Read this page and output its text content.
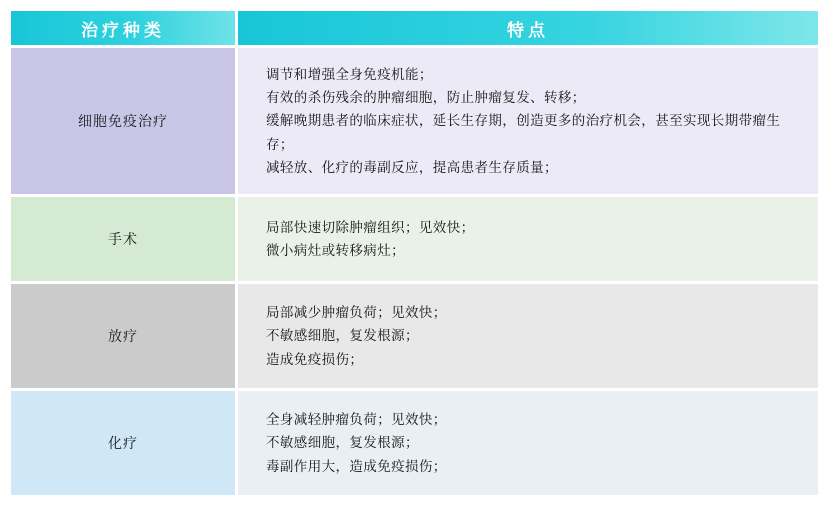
治疗种类	特点
细胞免疫治疗	调节和增强全身免疫机能；
有效的杀伤残余的肿瘤细胞，防止肿瘤复发、转移；
缓解晚期患者的临床症状，延长生存期，创造更多的治疗机会，甚至实现长期带瘤生存；
减轻放、化疗的毒副反应，提高患者生存质量；

手术	局部快速切除肿瘤组织；见效快；
微小病灶或转移病灶；

放疗	局部减少肿瘤负荷；见效快；
不敏感细胞，复发根源；
造成免疫损伤；

化疗	全身减轻肿瘤负荷；见效快；
不敏感细胞，复发根源；
毒副作用大，造成免疫损伤；
